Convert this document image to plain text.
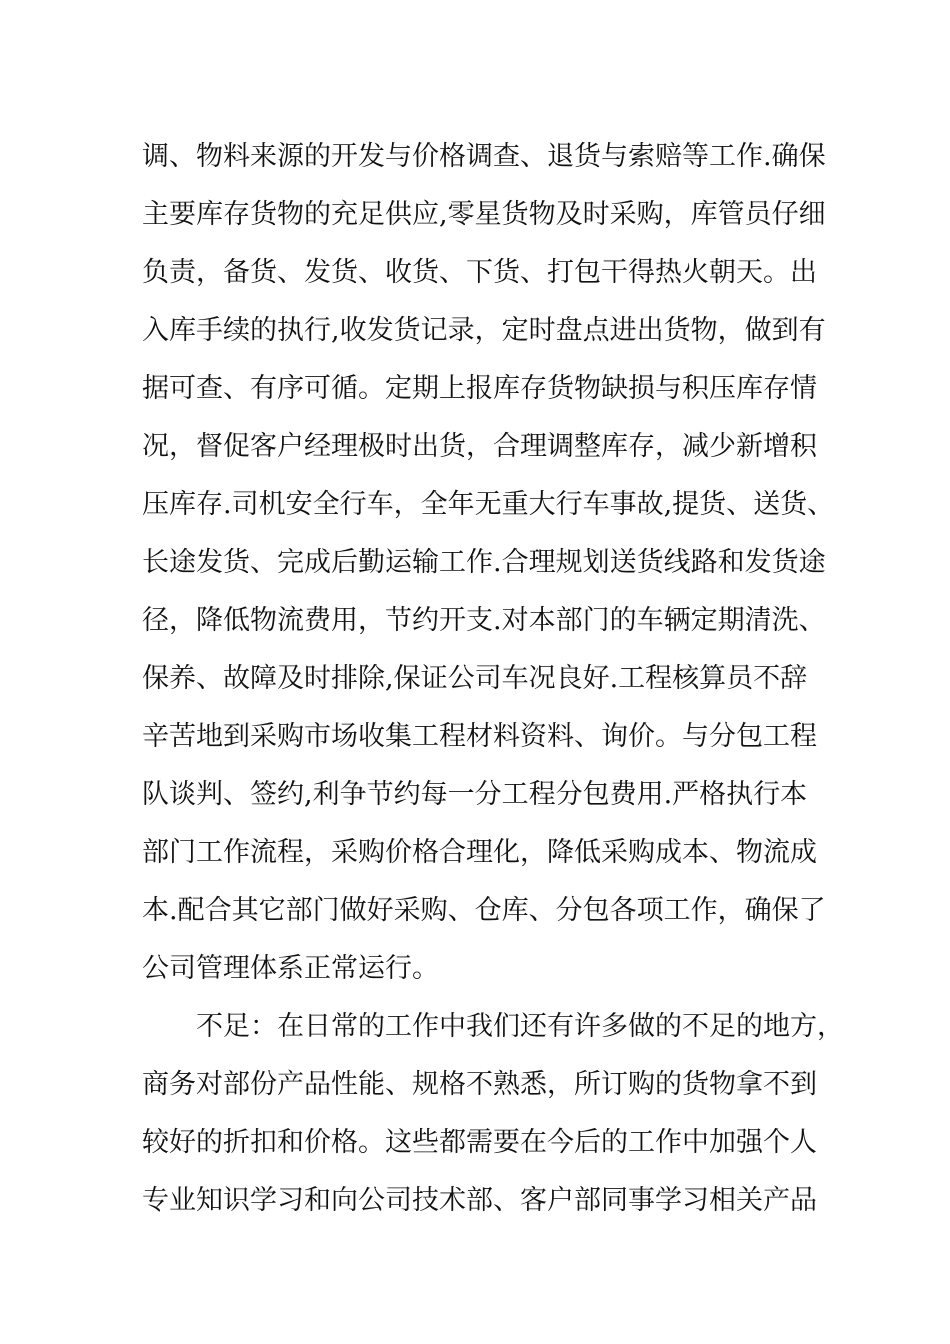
调、物料来源的开发与价格调查、退货与索赔等工作.确保
主要库存货物的充足供应,零星货物及时采购，库管员仔细
负责，备货、发货、收货、下货、打包干得热火朝天。出
入库手续的执行,收发货记录，定时盘点进出货物，做到有
据可查、有序可循。定期上报库存货物缺损与积压库存情
况，督促客户经理极时出货，合理调整库存，减少新增积
压库存.司机安全行车，全年无重大行车事故,提货、送货、
长途发货、完成后勤运输工作.合理规划送货线路和发货途
径，降低物流费用，节约开支.对本部门的车辆定期清洗、
保养、故障及时排除,保证公司车况良好.工程核算员不辞
辛苦地到采购市场收集工程材料资料、询价。与分包工程
队谈判、签约,利争节约每一分工程分包费用.严格执行本
部门工作流程，采购价格合理化，降低采购成本、物流成
本.配合其它部门做好采购、仓库、分包各项工作，确保了
公司管理体系正常运行。
不足：在日常的工作中我们还有许多做的不足的地方，
商务对部份产品性能、规格不熟悉，所订购的货物拿不到
较好的折扣和价格。这些都需要在今后的工作中加强个人
专业知识学习和向公司技术部、客户部同事学习相关产品
